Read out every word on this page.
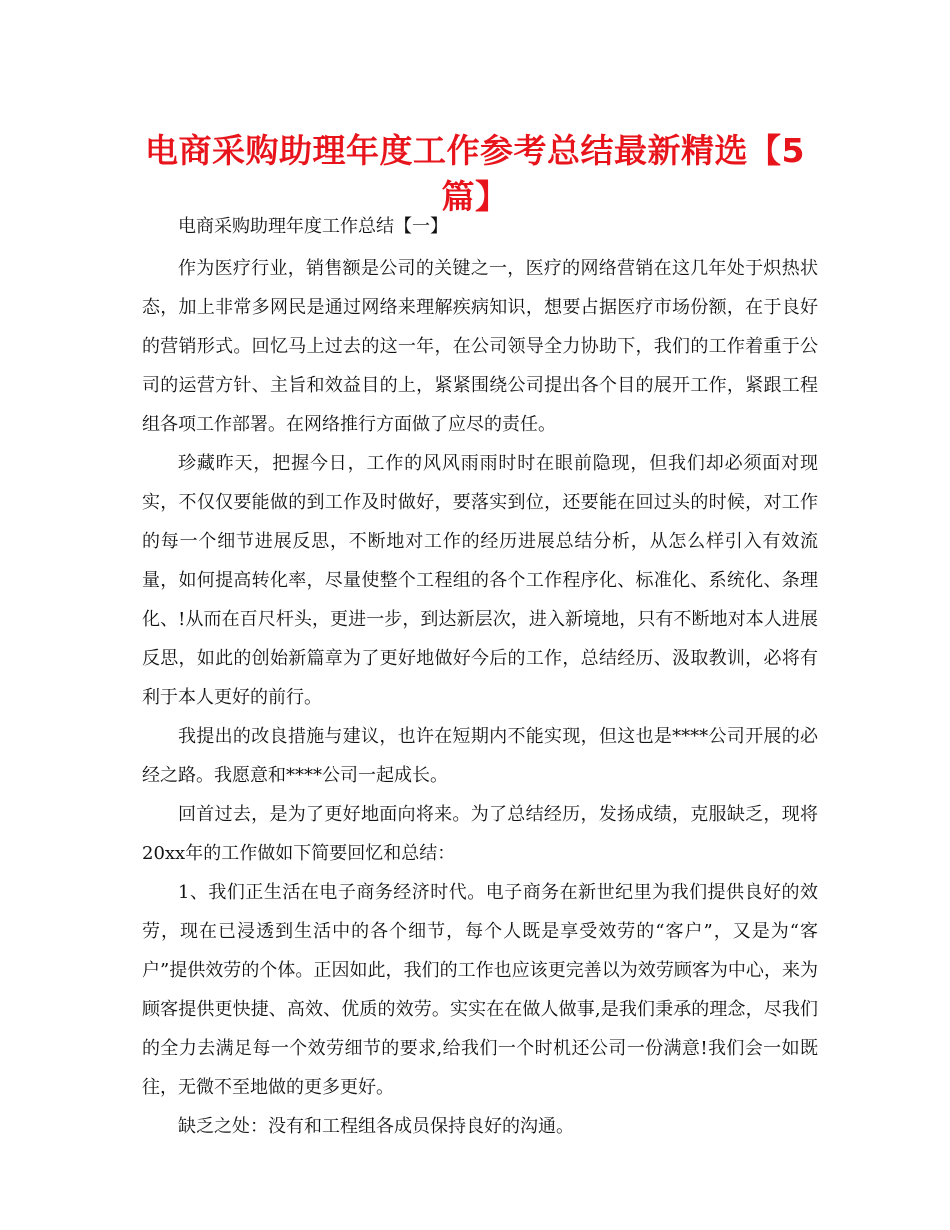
电商采购助理年度工作参考总结最新精选【5篇】

电商采购助理年度工作总结【一】

作为医疗行业，销售额是公司的关键之一，医疗的网络营销在这几年处于炽热状态，加上非常多网民是通过网络来理解疾病知识，想要占据医疗市场份额，在于良好的营销形式。回忆马上过去的这一年，在公司领导全力协助下，我们的工作着重于公司的运营方针、主旨和效益目的上，紧紧围绕公司提出各个目的展开工作，紧跟工程组各项工作部署。在网络推行方面做了应尽的责任。

珍藏昨天，把握今日，工作的风风雨雨时时在眼前隐现，但我们却必须面对现实，不仅仅要能做的到工作及时做好，要落实到位，还要能在回过头的时候，对工作的每一个细节进展反思，不断地对工作的经历进展总结分析，从怎么样引入有效流量，如何提高转化率，尽量使整个工程组的各个工作程序化、标准化、系统化、条理化、!从而在百尺杆头，更进一步，到达新层次，进入新境地，只有不断地对本人进展反思，如此的创始新篇章为了更好地做好今后的工作，总结经历、汲取教训，必将有利于本人更好的前行。

我提出的改良措施与建议，也许在短期内不能实现，但这也是****公司开展的必经之路。我愿意和****公司一起成长。

回首过去，是为了更好地面向将来。为了总结经历，发扬成绩，克服缺乏，现将20xx年的工作做如下简要回忆和总结：

1、我们正生活在电子商务经济时代。电子商务在新世纪里为我们提供良好的效劳，现在已浸透到生活中的各个细节，每个人既是享受效劳的“客户”，又是为“客户”提供效劳的个体。正因如此，我们的工作也应该更完善以为效劳顾客为中心，来为顾客提供更快捷、高效、优质的效劳。实实在在做人做事,是我们秉承的理念，尽我们的全力去满足每一个效劳细节的要求,给我们一个时机还公司一份满意!我们会一如既往，无微不至地做的更多更好。

缺乏之处：没有和工程组各成员保持良好的沟通。
